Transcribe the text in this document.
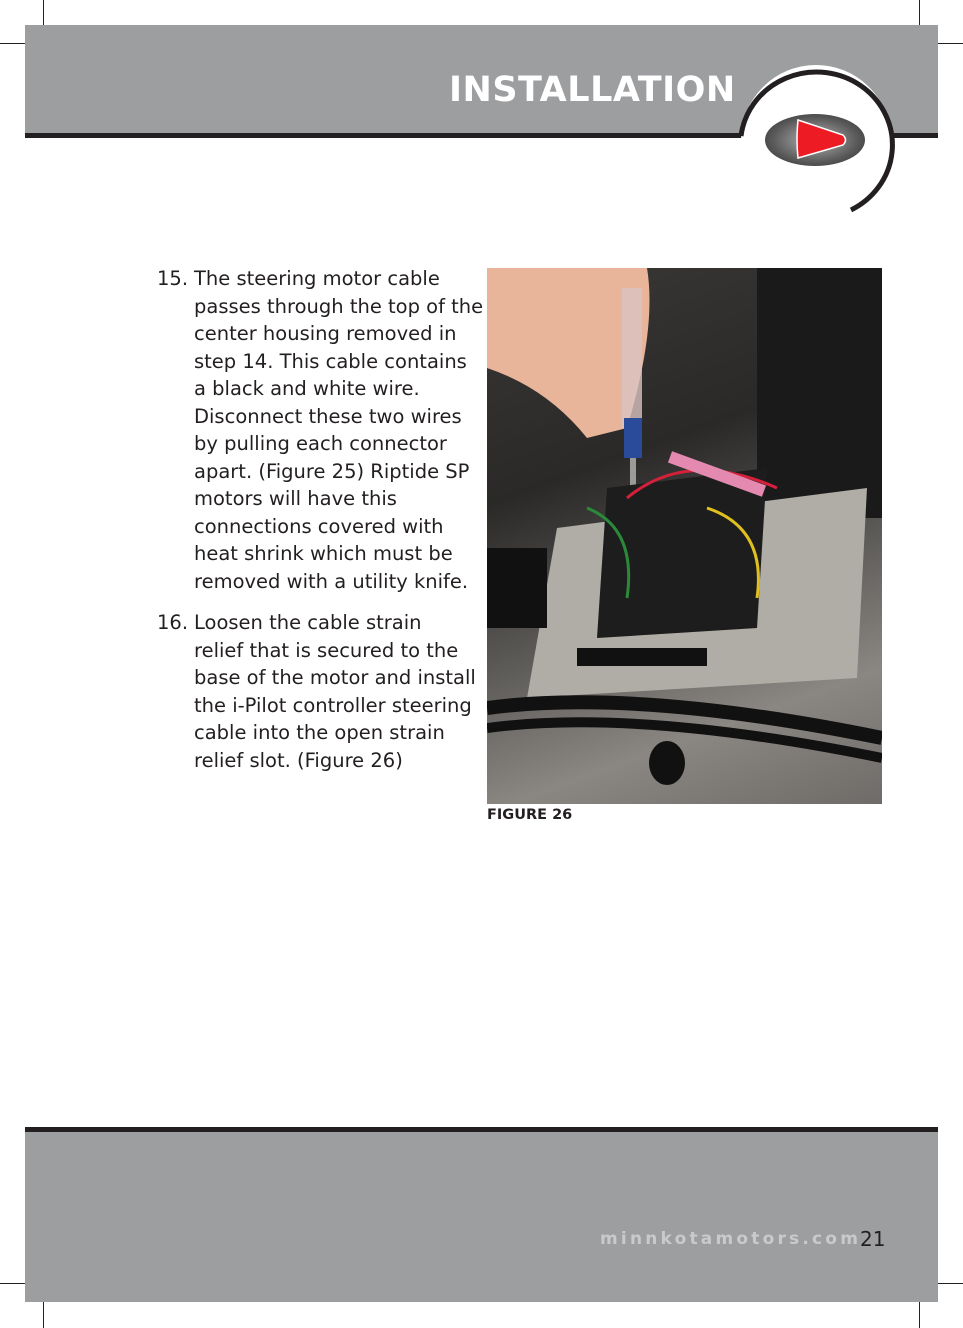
INSTALLATION
15. The steering motor cable
passes through the top of the
center housing removed in
step 14. This cable contains
a black and white wire.
Disconnect these two wires
by pulling each connector
apart. (Figure 25) Riptide SP
motors will have this
connections covered with
heat shrink which must be
removed with a utility knife.
16. Loosen the cable strain
relief that is secured to the
base of the motor and install
the i-Pilot controller steering
cable into the open strain
relief slot. (Figure 26)
FIGURE 26
minnkotamotors.com
21
